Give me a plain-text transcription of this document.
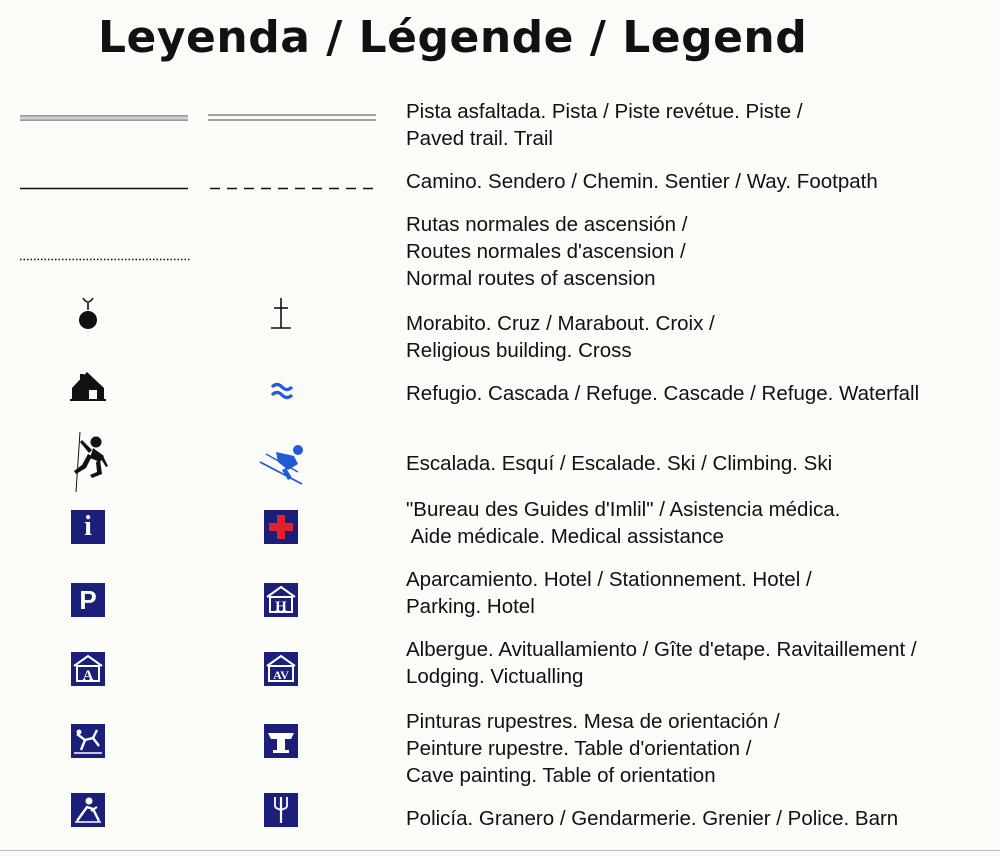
Leyenda / Légende / Legend
Pista asfaltada. Pista / Piste revétue. Piste /
Paved trail. Trail
Camino. Sendero / Chemin. Sentier / Way. Footpath
Rutas normales de ascensión /
Routes normales d'ascension /
Normal routes of ascension
Morabito. Cruz / Marabout. Croix /
Religious building. Cross
Refugio. Cascada / Refuge. Cascade / Refuge. Waterfall
Escalada. Esquí / Escalade. Ski / Climbing. Ski
i
"Bureau des Guides d'Imlil" / Asistencia médica.
Aide médicale. Medical assistance
P	H
Aparcamiento. Hotel / Stationnement. Hotel /
Parking. Hotel
A	AV
Albergue. Avituallamiento / Gîte d'etape. Ravitaillement /
Lodging. Victualling
Pinturas rupestres. Mesa de orientación /
Peinture rupestre. Table d'orientation /
Cave painting. Table of orientation
Policía. Granero / Gendarmerie. Grenier / Police. Barn
